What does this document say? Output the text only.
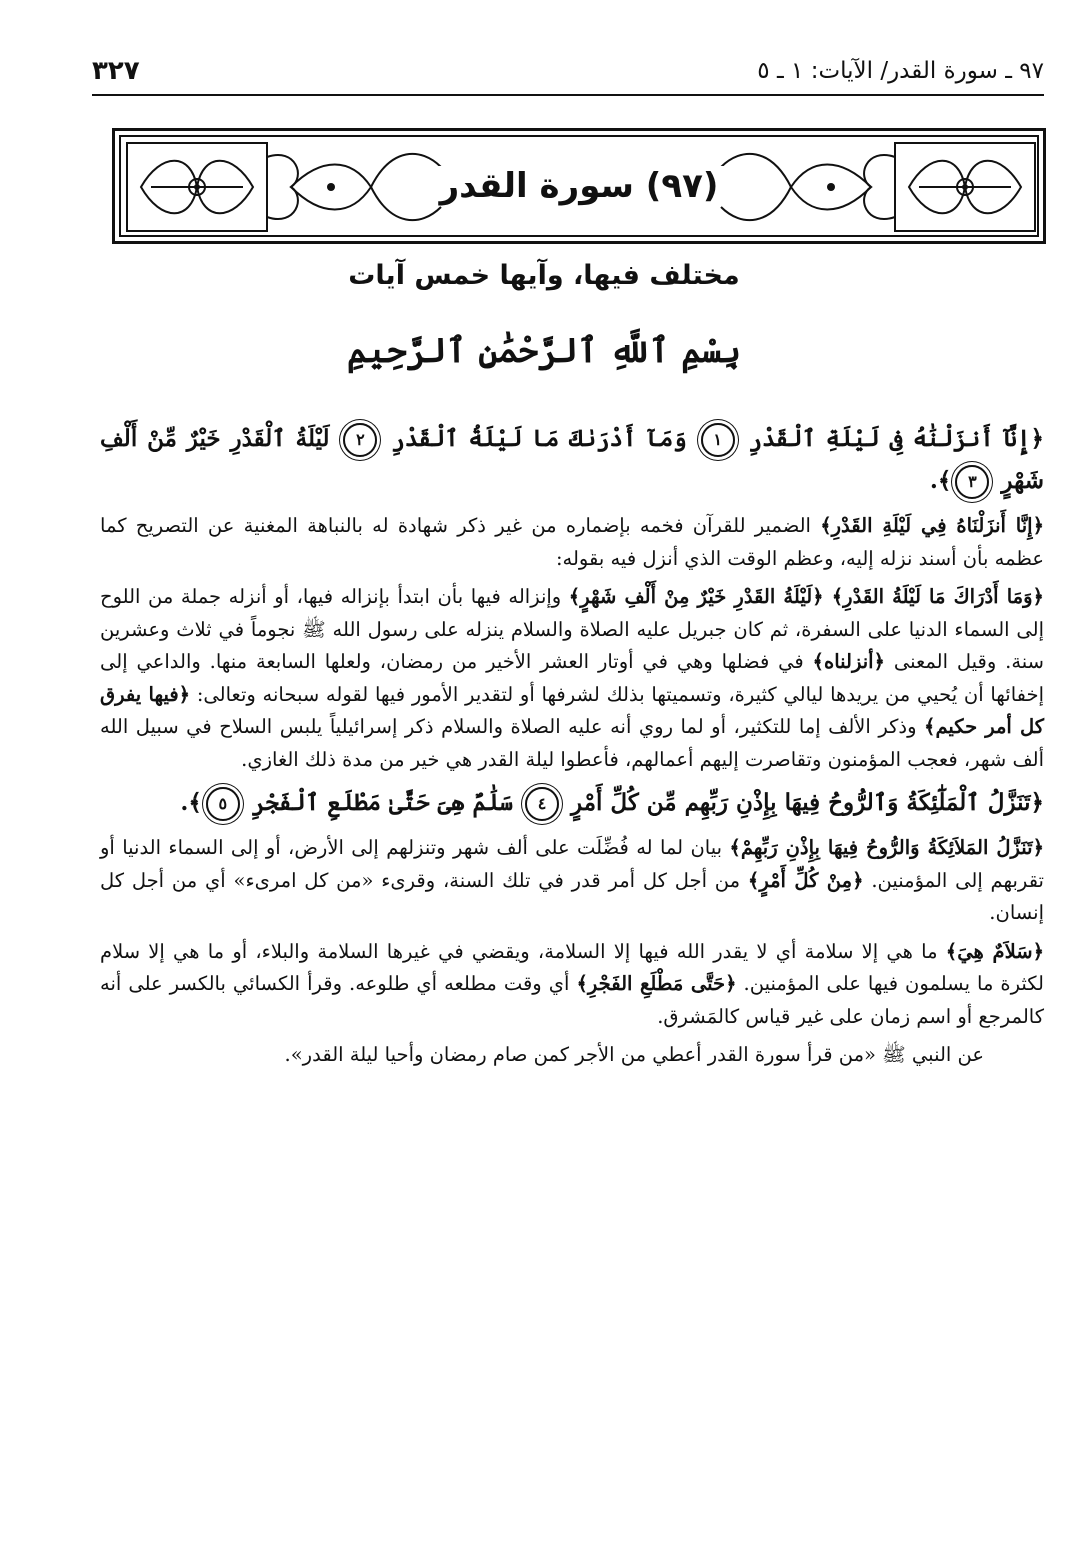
٩٧ ـ سورة القدر/ الآيات: ١ ـ ٥
٣٢٧
(٩٧) سورة القدر
مختلف فيها، وآيها خمس آيات
بِسْمِ ٱللَّهِ ٱلرَّحْمَٰنِ ٱلرَّحِيمِ

﴿إِنَّآ أَنزَلْنَٰهُ فِى لَيْلَةِ ٱلْقَدْرِ ١ وَمَآ أَدْرَىٰكَ مَا لَيْلَةُ ٱلْقَدْرِ ٢ لَيْلَةُ ٱلْقَدْرِ خَيْرٌ مِّنْ أَلْفِ شَهْرٍ ٣﴾.

﴿إِنَّا أَنزَلْنَاهُ فِي لَيْلَةِ القَدْرِ﴾ الضمير للقرآن فخمه بإضماره من غير ذكر شهادة له بالنباهة المغنية عن التصريح كما عظمه بأن أسند نزله إليه، وعظم الوقت الذي أنزل فيه بقوله:

﴿وَمَا أَدْرَاكَ مَا لَيْلَةُ القَدْرِ﴾ ﴿لَيْلَةُ القَدْرِ خَيْرٌ مِنْ أَلْفِ شَهْرٍ﴾ وإنزاله فيها بأن ابتدأ بإنزاله فيها، أو أنزله جملة من اللوح إلى السماء الدنيا على السفرة، ثم كان جبريل عليه الصلاة والسلام ينزله على رسول الله ﷺ نجوماً في ثلاث وعشرين سنة. وقيل المعنى ﴿أنزلناه﴾ في فضلها وهي في أوتار العشر الأخير من رمضان، ولعلها السابعة منها. والداعي إلى إخفائها أن يُحيي من يريدها ليالي كثيرة، وتسميتها بذلك لشرفها أو لتقدير الأمور فيها لقوله سبحانه وتعالى: ﴿فيها يفرق كل أمر حكيم﴾ وذكر الألف إما للتكثير، أو لما روي أنه عليه الصلاة والسلام ذكر إسرائيلياً يلبس السلاح في سبيل الله ألف شهر، فعجب المؤمنون وتقاصرت إليهم أعمالهم، فأعطوا ليلة القدر هي خير من مدة ذلك الغازي.

﴿تَنَزَّلُ ٱلْمَلَٰٓئِكَةُ وَٱلرُّوحُ فِيهَا بِإِذْنِ رَبِّهِم مِّن كُلِّ أَمْرٍ ٤ سَلَٰمٌ هِىَ حَتَّىٰ مَطْلَعِ ٱلْفَجْرِ ٥﴾.

﴿تَنَزَّلُ المَلاَئِكَةُ وَالرُّوحُ فِيهَا بِإِذْنِ رَبِّهِمْ﴾ بيان لما له فُضِّلَت على ألف شهر وتنزلهم إلى الأرض، أو إلى السماء الدنيا أو تقربهم إلى المؤمنين. ﴿مِنْ كُلِّ أَمْرٍ﴾ من أجل كل أمر قدر في تلك السنة، وقرىء «من كل امرىء» أي من أجل كل إنسان.

﴿سَلاَمٌ هِيَ﴾ ما هي إلا سلامة أي لا يقدر الله فيها إلا السلامة، ويقضي في غيرها السلامة والبلاء، أو ما هي إلا سلام لكثرة ما يسلمون فيها على المؤمنين. ﴿حَتَّى مَطْلَعِ الفَجْرِ﴾ أي وقت مطلعه أي طلوعه. وقرأ الكسائي بالكسر على أنه كالمرجع أو اسم زمان على غير قياس كالمَشرق.

عن النبي ﷺ «من قرأ سورة القدر أعطي من الأجر كمن صام رمضان وأحيا ليلة القدر».
